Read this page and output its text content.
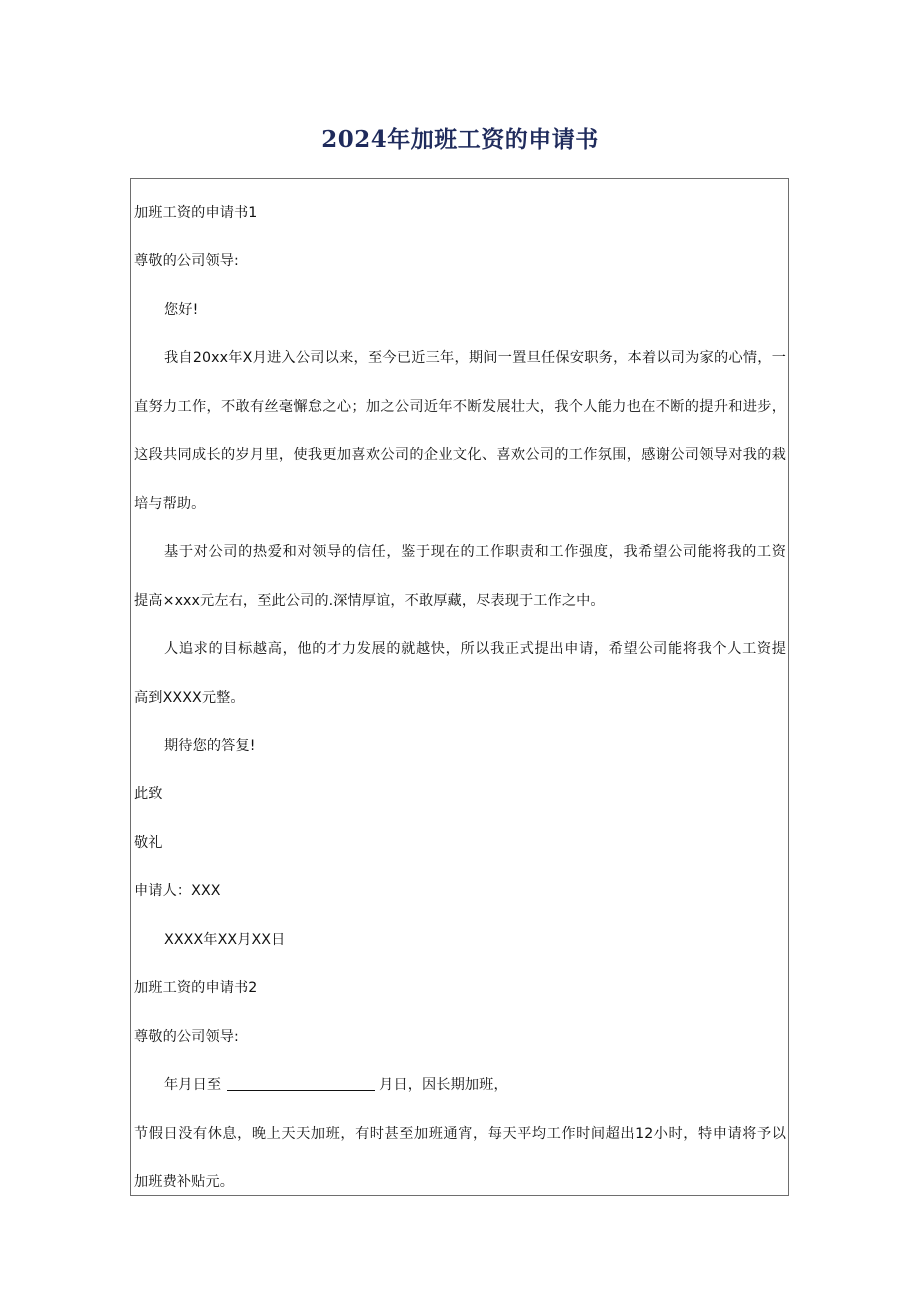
2024年加班工资的申请书
加班工资的申请书1
尊敬的公司领导:
您好!
我自20xx年X月进入公司以来，至今已近三年，期间一置旦任保安职务，本着以司为家的心情，一
直努力工作，不敢有丝毫懈怠之心；加之公司近年不断发展壮大，我个人能力也在不断的提升和进步，
这段共同成长的岁月里，使我更加喜欢公司的企业文化、喜欢公司的工作氛围，感谢公司领导对我的栽
培与帮助。
基于对公司的热爱和对领导的信任，鉴于现在的工作职责和工作强度，我希望公司能将我的工资
提高×xxx元左右，至此公司的.深情厚谊，不敢厚藏，尽表现于工作之中。
人追求的目标越高，他的才力发展的就越快，所以我正式提出申请，希望公司能将我个人工资提
高到XXXX元整。
期待您的答复!
此致
敬礼
申请人：XXX
XXXX年XX月XX日
加班工资的申请书2
尊敬的公司领导:
年月日至	月日，因长期加班，
节假日没有休息，晚上天天加班，有时甚至加班通宵，每天平均工作时间超出12小时，特申请将予以
加班费补贴元。
